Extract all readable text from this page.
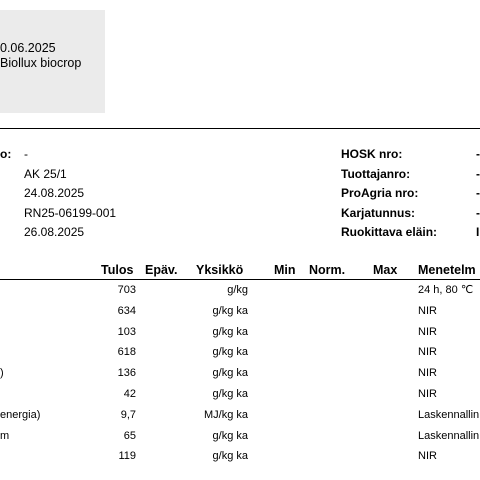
0.06.2025
Biollux biocrop
o: -
AK 25/1
24.08.2025
RN25-06199-001
26.08.2025
HOSK nro:	-
Tuottajanro:	-
ProAgria nro:	-
Karjatunnus:	-
Ruokittava eläin:	I
Tulos Epäv. Yksikkö Min Norm. Max Menetelm
703	g/kg	24 h, 80 ℃
634	g/kg ka	NIR
103	g/kg ka	NIR
618	g/kg ka	NIR
)	136	g/kg ka	NIR
42	g/kg ka	NIR
energia)	9,7	MJ/kg ka	Laskennallin
m	65	g/kg ka	Laskennallin
119	g/kg ka	NIR
